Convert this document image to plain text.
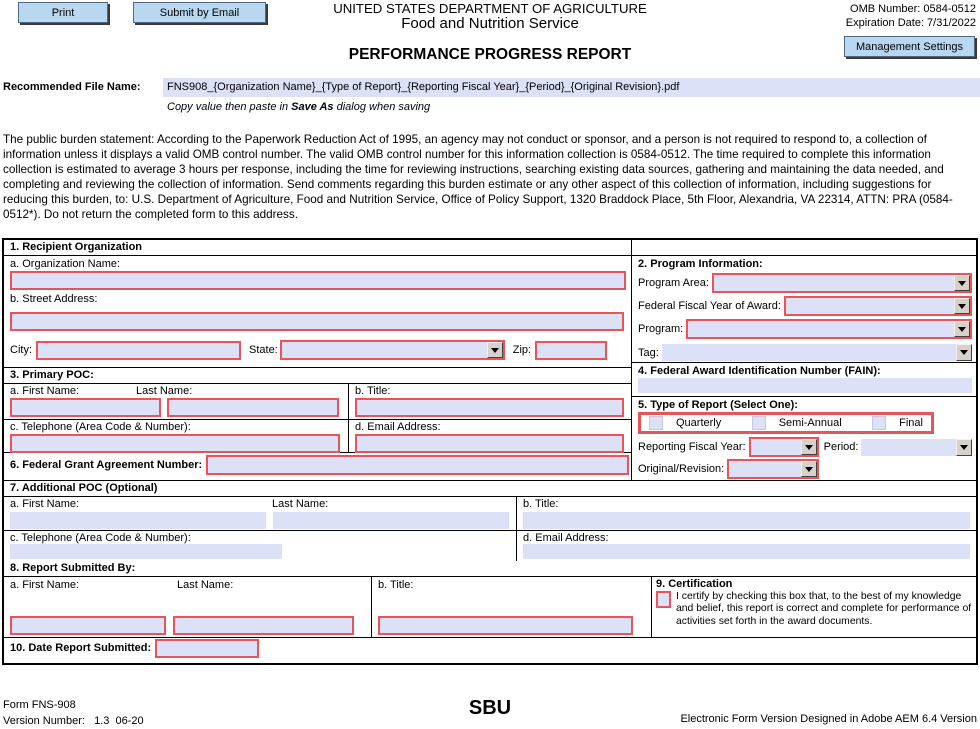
Print	Submit by Email	UNITED STATES DEPARTMENT OF AGRICULTURE
Food and Nutrition Service
PERFORMANCE PROGRESS REPORT
OMB Number: 0584-0512
Expiration Date: 7/31/2022
Management Settings
Recommended File Name:	FNS908_{Organization Name}_{Type of Report}_{Reporting Fiscal Year}_{Period}_{Original Revision}.pdf
Copy value then paste in Save As dialog when saving
The public burden statement: According to the Paperwork Reduction Act of 1995, an agency may not conduct or sponsor, and a person is not required to respond to, a collection of information unless it displays a valid OMB control number. The valid OMB control number for this information collection is 0584-0512. The time required to complete this information collection is estimated to average 3 hours per response, including the time for reviewing instructions, searching existing data sources, gathering and maintaining the data needed, and completing and reviewing the collection of information. Send comments regarding this burden estimate or any other aspect of this collection of information, including suggestions for reducing this burden, to: U.S. Department of Agriculture, Food and Nutrition Service, Office of Policy Support, 1320 Braddock Place, 5th Floor, Alexandria, VA 22314, ATTN: PRA (0584-0512*). Do not return the completed form to this address.
1. Recipient Organization
a. Organization Name:
b. Street Address:
City:	State:	Zip:
3. Primary POC:
a. First Name:	Last Name:	b. Title:
c. Telephone (Area Code & Number):	d. Email Address:
6. Federal Grant Agreement Number:
2. Program Information:
Program Area:
Federal Fiscal Year of Award:
Program:
Tag:
4. Federal Award Identification Number (FAIN):
5. Type of Report (Select One):
Quarterly	Semi-Annual	Final
Reporting Fiscal Year:	Period:
Original/Revision:
7. Additional POC (Optional)
a. First Name:	Last Name:	b. Title:
c. Telephone (Area Code & Number):	d. Email Address:
8. Report Submitted By:
a. First Name:	Last Name:	b. Title:	9. Certification
I certify by checking this box that, to the best of my knowledge and belief, this report is correct and complete for performance of activities set forth in the award documents.
10. Date Report Submitted:
Form FNS-908
Version Number:   1.3  06-20
SBU	Electronic Form Version Designed in Adobe AEM 6.4 Version
